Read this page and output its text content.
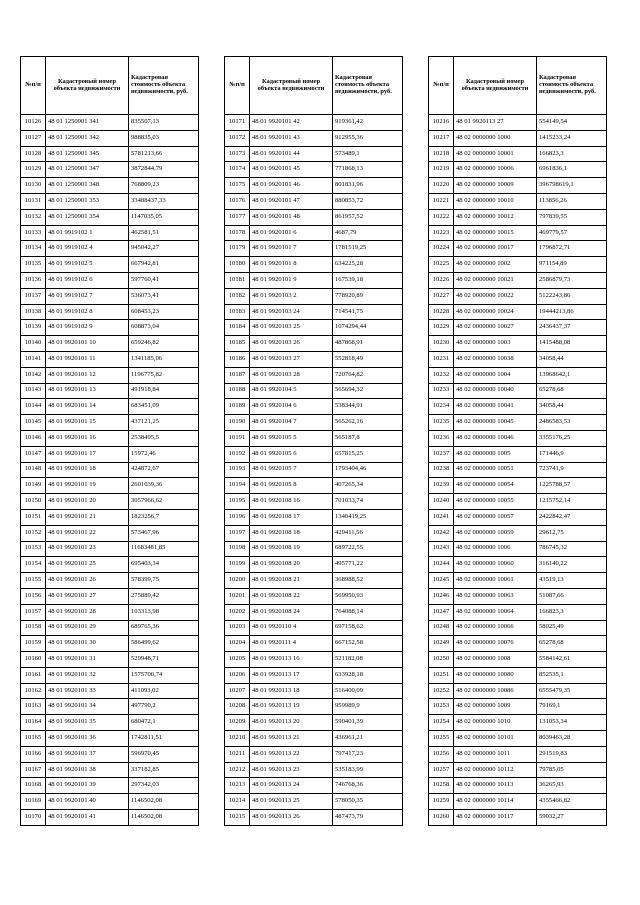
№п/п	Кадастровый номер объекта недвижимости	Кадастровая стоимость объекта недвижимости, руб.
10126	48 01 1250901 341	835507,13
10127	48 01 1250901 342	988835,03
10128	48 01 1250901 345	5781213,66
10129	48 01 1250901 347	3872844,79
10130	48 01 1250901 348	768809,23
10131	48 01 1250901 353	33488437,33
10132	48 01 1250901 354	1147035,05
10133	48 01 9919102 1	462581,51
10134	48 01 9919102 4	945042,27
10135	48 01 9919102 5	667942,81
10136	48 01 9919102 6	597760,41
10137	48 01 9919102 7	536073,41
10138	48 01 9919102 8	608453,23
10139	48 01 9919102 9	608873,04
10140	48 01 9920101 10	659246,82
10141	48 01 9920101 11	1341185,06
10142	48 01 9920101 12	1196775,82
10143	48 01 9920101 13	491918,84
10144	48 01 9920101 14	683451,09
10145	48 01 9920101 15	437121,25
10146	48 01 9920101 16	2538495,5
10147	48 01 9920101 17	15972,46
10148	48 01 9920101 18	424872,67
10149	48 01 9920101 19	2601039,36
10150	48 01 9920101 20	3057966,62
10151	48 01 9920101 21	1823256,7
10152	48 01 9920101 22	573467,96
10153	48 01 9920101 23	11683481,85
10154	48 01 9920101 25	695403,34
10155	48 01 9920101 26	578399,75
10156	48 01 9920101 27	275889,42
10157	48 01 9920101 28	103313,98
10158	48 01 9920101 29	689765,36
10159	48 01 9920101 30	586499,62
10160	48 01 9920101 31	529948,71
10161	48 01 9920101 32	1575700,74
10162	48 01 9920101 33	411093,02
10163	48 01 9920101 34	497790,2
10164	48 01 9920101 35	680472,1
10165	48 01 9920101 36	1742811,51
10166	48 01 9920101 37	596970,45
10167	48 01 9920101 38	337182,85
10168	48 01 9920101 39	297342,03
10169	48 01 9920101 40	1146502,08
10170	48 01 9920101 41	1146502,08
№п/п	Кадастровый номер объекта недвижимости	Кадастровая стоимость объекта недвижимости, руб.
10171	48 01 9920101 42	919361,42
10172	48 01 9920101 43	912955,36
10173	48 01 9920101 44	573489,1
10174	48 01 9920101 45	771868,13
10175	48 01 9920101 46	801831,96
10176	48 01 9920101 47	880853,72
10177	48 01 9920101 48	861957,52
10178	48 01 9920101 6	4687,79
10179	48 01 9920101 7	1781519,25
10180	48 01 9920101 8	634225,28
10181	48 01 9920101 9	167539,18
10182	48 01 9920103 2	778920,89
10183	48 01 9920103 24	714541,75
10184	48 01 9920103 25	1074294,44
10185	48 01 9920103 26	487868,91
10186	48 01 9920103 27	552818,49
10187	48 01 9920103 28	720764,82
10188	48 01 9920104 5	565694,32
10189	48 01 9920104 6	538344,91
10190	48 01 9920104 7	565262,16
10191	48 01 9920105 5	565187,8
10192	48 01 9920105 6	657815,25
10193	48 01 9920105 7	1793404,46
10194	48 01 9920105 8	407265,34
10195	48 01 9920108 16	701033,74
10196	48 01 9920108 17	1340419,25
10197	48 01 9920108 18	429411,56
10198	48 01 9920108 19	689722,55
10199	48 01 9920108 20	495771,22
10200	48 01 9920108 21	368988,52
10201	48 01 9920108 22	569950,93
10202	48 01 9920108 24	764088,14
10203	48 01 9920110 4	697158,62
10204	48 01 9920111 4	667152,58
10205	48 01 9920113 16	521182,08
10206	48 01 9920113 17	633928,18
10207	48 01 9920113 18	516400,09
10208	48 01 9920113 19	959989,9
10209	48 01 9920113 20	590401,39
10210	48 01 9920113 21	436961,21
10211	48 01 9920113 22	797417,23
10212	48 01 9920113 23	535183,99
10213	48 01 9920113 24	746768,36
10214	48 01 9920113 25	578050,35
10215	48 01 9920113 26	487473,79
№п/п	Кадастровый номер объекта недвижимости	Кадастровая стоимость объекта недвижимости, руб.
10216	48 01 9920113 27	554149,54
10217	48 02 0000000 1000	1415233,24
10218	48 02 0000000 10001	166823,3
10219	48 02 0000000 10006	6961836,1
10220	48 02 0000000 10009	396798619,1
10221	48 02 0000000 10010	113856,26
10222	48 02 0000000 10012	797839,55
10223	48 02 0000000 10015	469779,57
10224	48 02 0000000 10017	1796872,71
10225	48 02 0000000 1002	971154,89
10226	48 02 0000000 10021	2586879,73
10227	48 02 0000000 10022	5122243,86
10228	48 02 0000000 10024	19444213,86
10229	48 02 0000000 10027	2436437,37
10230	48 02 0000000 1003	1415488,08
10231	48 02 0000000 10038	34058,44
10232	48 02 0000000 1004	13968642,1
10233	48 02 0000000 10040	65278,68
10234	48 02 0000000 10041	34058,44
10235	48 02 0000000 10045	2486583,53
10236	48 02 0000000 10046	3355176,25
10237	48 02 0000000 1005	171446,9
10238	48 02 0000000 10051	723741,9
10239	48 02 0000000 10054	1225788,57
10240	48 02 0000000 10055	1215752,14
10241	48 02 0000000 10057	2422842,47
10242	48 02 0000000 10059	29612,75
10243	48 02 0000000 1006	786745,32
10244	48 02 0000000 10060	316140,22
10245	48 02 0000000 10061	43519,13
10246	48 02 0000000 10063	51087,66
10247	48 02 0000000 10064	166823,3
10248	48 02 0000000 10066	58025,49
10249	48 02 0000000 10076	65278,68
10250	48 02 0000000 1008	5584142,61
10251	48 02 0000000 10080	852535,1
10252	48 02 0000000 10086	6555479,35
10253	48 02 0000000 1009	79169,1
10254	48 02 0000000 1010	131053,34
10255	48 02 0000000 10101	8039463,28
10256	48 02 0000000 1011	291519,83
10257	48 02 0000000 10112	79785,05
10258	48 02 0000000 10113	36265,93
10259	48 02 0000000 10114	4355466,82
10260	48 02 0000000 10117	59032,27
